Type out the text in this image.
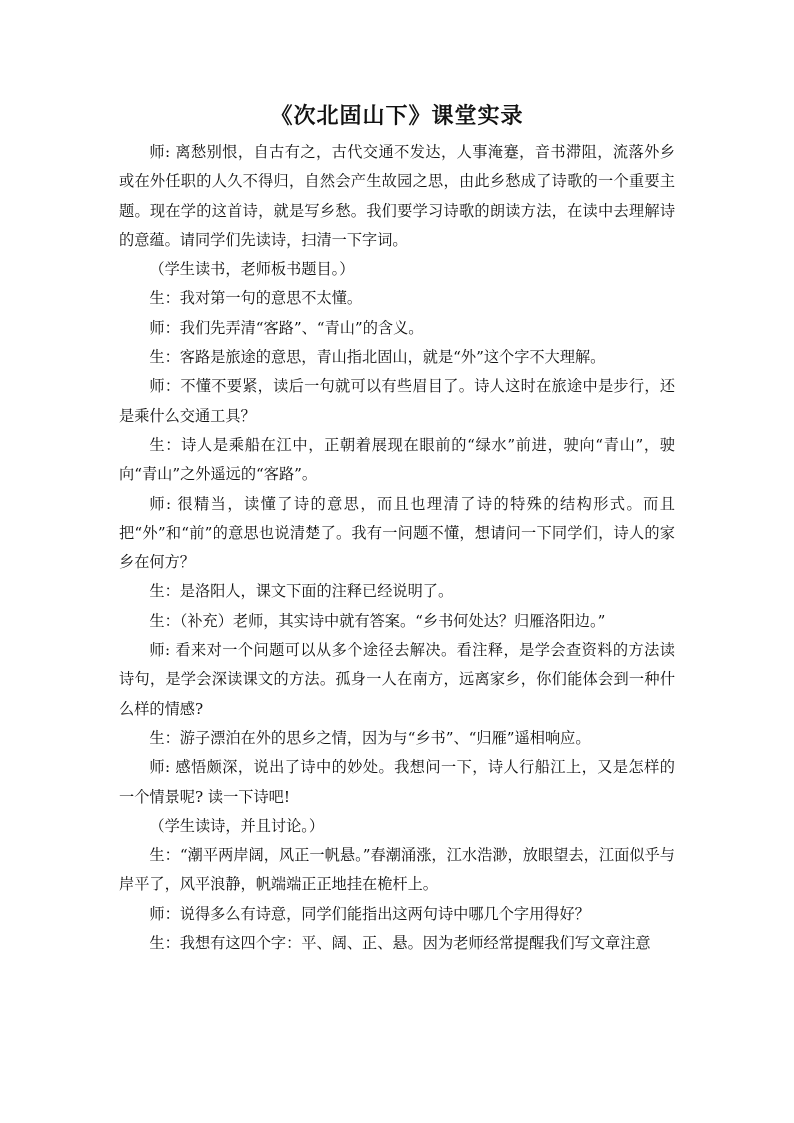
《次北固山下》课堂实录

师: 离愁别恨，自古有之，古代交通不发达，人事淹蹇，音书滞阻，流落外乡或在外任职的人久不得归，自然会产生故园之思，由此乡愁成了诗歌的一个重要主题。现在学的这首诗，就是写乡愁。我们要学习诗歌的朗读方法，在读中去理解诗的意蕴。请同学们先读诗，扫清一下字词。

（学生读书，老师板书题目。）

生：我对第一句的意思不太懂。

师：我们先弄清“客路”、“青山”的含义。

生：客路是旅途的意思，青山指北固山，就是“外”这个字不大理解。

师：不懂不要紧，读后一句就可以有些眉目了。诗人这时在旅途中是步行，还是乘什么交通工具？

生：诗人是乘船在江中，正朝着展现在眼前的“绿水”前进，驶向“青山”，驶向“青山”之外遥远的“客路”。

师: 很精当，读懂了诗的意思，而且也理清了诗的特殊的结构形式。而且把“外”和“前”的意思也说清楚了。我有一问题不懂，想请问一下同学们，诗人的家乡在何方？

生：是洛阳人，课文下面的注释已经说明了。

生：（补充）老师，其实诗中就有答案。“乡书何处达？归雁洛阳边。”

师: 看来对一个问题可以从多个途径去解决。看注释，是学会查资料的方法读诗句，是学会深读课文的方法。孤身一人在南方，远离家乡，你们能体会到一种什么样的情感?

生：游子漂泊在外的思乡之情，因为与“乡书”、“归雁”遥相响应。

师: 感悟颇深，说出了诗中的妙处。我想问一下，诗人行船江上，又是怎样的一个情景呢? 读一下诗吧!

（学生读诗，并且讨论。）

生：“潮平两岸阔，风正一帆悬。”春潮涌涨，江水浩渺，放眼望去，江面似乎与岸平了，风平浪静，帆端端正正地挂在桅杆上。

师：说得多么有诗意，同学们能指出这两句诗中哪几个字用得好？

生：我想有这四个字：平、阔、正、悬。因为老师经常提醒我们写文章注意
